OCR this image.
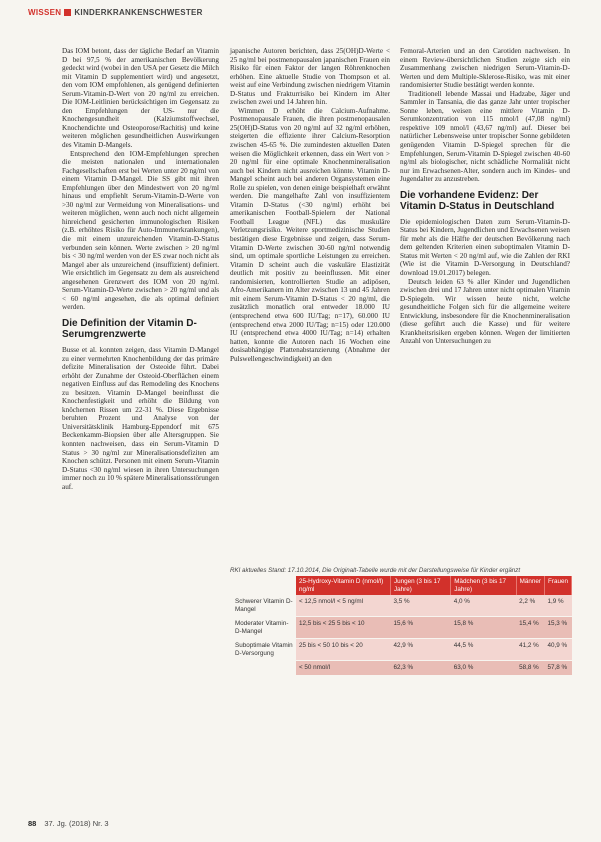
WISSEN KINDERKRANKENSCHWESTER

Das IOM betont, dass der tägliche Bedarf an Vitamin D bei 97,5 % der amerikanischen Bevölkerung gedeckt wird (wobei in den USA per Gesetz die Milch mit Vitamin D supplementiert wird) und angesetzt, den vom IOM empfohlenen, als genügend definierten Serum-Vitamin-D-Wert von 20 ng/ml zu erreichen. Die IOM-Leitlinien berücksichtigen im Gegensatz zu den Empfehlungen der US- nur die Knochengesundheit (Kalziumstoffwechsel, Knochendichte und Osteoporose/Rachitis) und keine weiteren möglichen gesundheitlichen Auswirkungen des Vitamin D-Mangels.

Entsprechend den IOM-Empfehlungen sprechen die meisten nationalen und internationalen Fachgesellschaften erst bei Werten unter 20 ng/ml von einem Vitamin D-Mangel. Die SS gibt mit ihren Empfehlungen über den Mindestwert von 20 ng/ml hinaus und empfiehlt Serum-Vitamin-D-Werte von >30 ng/ml zur Vermeidung von Mineralisations- und weiteren möglichen, wenn auch noch nicht allgemein hinreichend gesicherten immunologischen Risiken (z.B. erhöhtes Risiko für Auto-Immunerkrankungen), die mit einem unzureichenden Vitamin-D-Status verbunden sein können. Werte zwischen > 20 ng/ml bis < 30 ng/ml werden von der ES zwar noch nicht als Mangel aber als unzureichend (insuffizient) definiert. Wie ersichtlich im Gegensatz zu dem als ausreichend angesehenen Grenzwert des IOM von 20 ng/ml. Serum-Vitamin-D-Werte zwischen > 20 ng/ml und als < 60 ng/ml angesehen, die als optimal definiert werden.

Die Definition der Vitamin D-Serumgrenzwerte

Busse et al. konnten zeigen, dass Vitamin D-Mangel zu einer vermehrten Knochenbildung der das primäre defizite Mineralisation der Osteoide führt. Dabei erhöht der Zunahme der Osteoid-Oberflächen einem negativen Einfluss auf das Remodeling des Knochens zu besitzen. Vitamin D-Mangel beeinflusst die Knochenfestigkeit und erhöht die Bildung von knöchernen Rissen um 22-31 %. Diese Ergebnisse beruhten Prozent und Analyse von der Universitätsklinik Hamburg-Eppendorf mit 675 Beckenkamm-Biopsien über alle Altersgruppen. Sie konnten nachweisen, dass ein Serum-Vitamin D Status > 30 ng/ml zur Mineralisationsdefiziten am Knochen schützt. Personen mit einem Serum-Vitamin D-Status <30 ng/ml wiesen in ihren Untersuchungen immer noch zu 10 % spätere Mineralisationsstörungen auf.

japanische Autoren berichten, dass 25(OH)D-Werte < 25 ng/ml bei postmenopausalen japanischen Frauen ein Risiko für einen Faktor der langen Röhrenknochen erhöhen. Eine aktuelle Studie von Thompson et al. weist auf eine Verbindung zwischen niedrigem Vitamin D-Status und Frakturrisiko bei Kindern im Alter zwischen zwei und 14 Jahren hin.

Wimmen D erhöht die Calcium-Aufnahme. Postmenopausale Frauen, die ihren postmenopausalen 25(OH)D-Status von 20 ng/ml auf 32 ng/ml erhöhen, steigerten die effiziente ihrer Calcium-Resorption zwischen 45-65 %. Die zumindesten aktuellen Daten weisen die Möglichkeit erkennen, dass ein Wert von > 20 ng/ml für eine optimale Knochenmineralisation auch bei Kindern nicht ausreichen könnte. Vitamin D-Mangel scheint auch bei anderen Organsystemen eine Rolle zu spielen, von denen einige beispielhaft erwähnt werden. Die mangelhafte Zahl von insuffizientem Vitamin D-Status (<30 ng/ml) erhöht bei amerikanischen Football-Spielern der National Football League (NFL) das muskuläre Verletzungsrisiko. Weitere sportmedizinische Studien bestätigen diese Ergebnisse und zeigen, dass Serum-Vitamin D-Werte zwischen 30-60 ng/ml notwendig sind, um optimale sportliche Leistungen zu erreichen. Vitamin D scheint auch die vaskuläre Elastizität deutlich mit positiv zu beeinflussen. Mit einer randomisierten, kontrollierten Studie an adipösen, Afro-Amerikanern im Alter zwischen 13 und 45 Jahren mit einem Serum-Vitamin D-Status < 20 ng/ml, die zusätzlich monatlich oral entweder 18.000 IU (entsprechend etwa 600 IU/Tag; n=17), 60.000 IU (entsprechend etwa 2000 IU/Tag; n=15) oder 120.000 IU (entsprechend etwa 4000 IU/Tag; n=14) erhalten hatten, konnte die Autoren nach 16 Wochen eine dosisabhängige Plattenabstanzierung (Abnahme der Pulswellengeschwindigkeit) an den

Femoral-Arterien und an den Carotiden nachweisen. In einem Review-übersichtlichen Studien zeigte sich ein Zusammenhang zwischen niedrigen Serum-Vitamin-D-Werten und dem Multiple-Sklerose-Risiko, was mit einer randomisierter Studie bestätigt werden konnte.

Traditionell lebende Massai und Hadzabe, Jäger und Sammler in Tansania, die das ganze Jahr unter tropischer Sonne leben, weisen eine mittlere Vitamin D-Serumkonzentration von 115 nmol/l (47,08 ng/ml) respektive 109 nmol/l (43,67 ng/ml) auf. Dieser bei natürlicher Lebensweise unter tropischer Sonne gebildeten genügenden Vitamin D-Spiegel sprechen für die Empfehlungen, Serum-Vitamin D-Spiegel zwischen 40-60 ng/ml als biologischer, nicht schädliche Normalität nicht nur im Erwachsenen-Alter, sondern auch im Kindes- und Jugendalter zu anzustreben.

Die vorhandene Evidenz: Der Vitamin D-Status in Deutschland

Die epidemiologischen Daten zum Serum-Vitamin-D-Status bei Kindern, Jugendlichen und Erwachsenen weisen für mehr als die Hälfte der deutschen Bevölkerung nach dem geltenden Kriterien einen suboptimalen Vitamin D-Status mit Werten < 20 ng/ml auf, wie die Zahlen der RKI (Wie ist die Vitamin D-Versorgung in Deutschland? download 19.01.2017) belegen.

Deutsch leiden 63 % aller Kinder und Jugendlichen zwischen drei und 17 Jahren unter nicht optimalen Vitamin D-Spiegeln. Wir wissen heute nicht, welche gesundheitliche Folgen sich für die allgemeine weitere Entwicklung, insbesondere für die Knochenmineralisation (diese geführt auch die Kasse) und für weitere Krankheitsrisiken ergeben können. Wegen der limitierten Anzahl von Untersuchungen zu

RKI aktuelles Stand: 17.10.2014, Die Originalt-Tabelle wurde mit der Darstellungsweise für Kinder ergänzt
	25-Hydroxy-Vitamin D (nmol/l) ng/ml	Jungen (3 bis 17 Jahre)	Mädchen (3 bis 17 Jahre)	Männer	Frauen
Schwerer Vitamin D-Mangel	< 12,5 nmol/l < 5 ng/ml	3,5 %	4,0 %	2,2 %	1,9 %
Moderater Vitamin-D-Mangel	12,5 bis < 25 5 bis < 10	15,6 %	15,8 %	15,4 %	15,3 %
Suboptimale Vitamin D-Versorgung	25 bis < 50 10 bis < 20	42,9 %	44,5 %	41,2 %	40,9 %
	< 50 nmol/l	62,3 %	63,0 %	58,8 %	57,8 %
88 37. Jg. (2018) Nr. 3
